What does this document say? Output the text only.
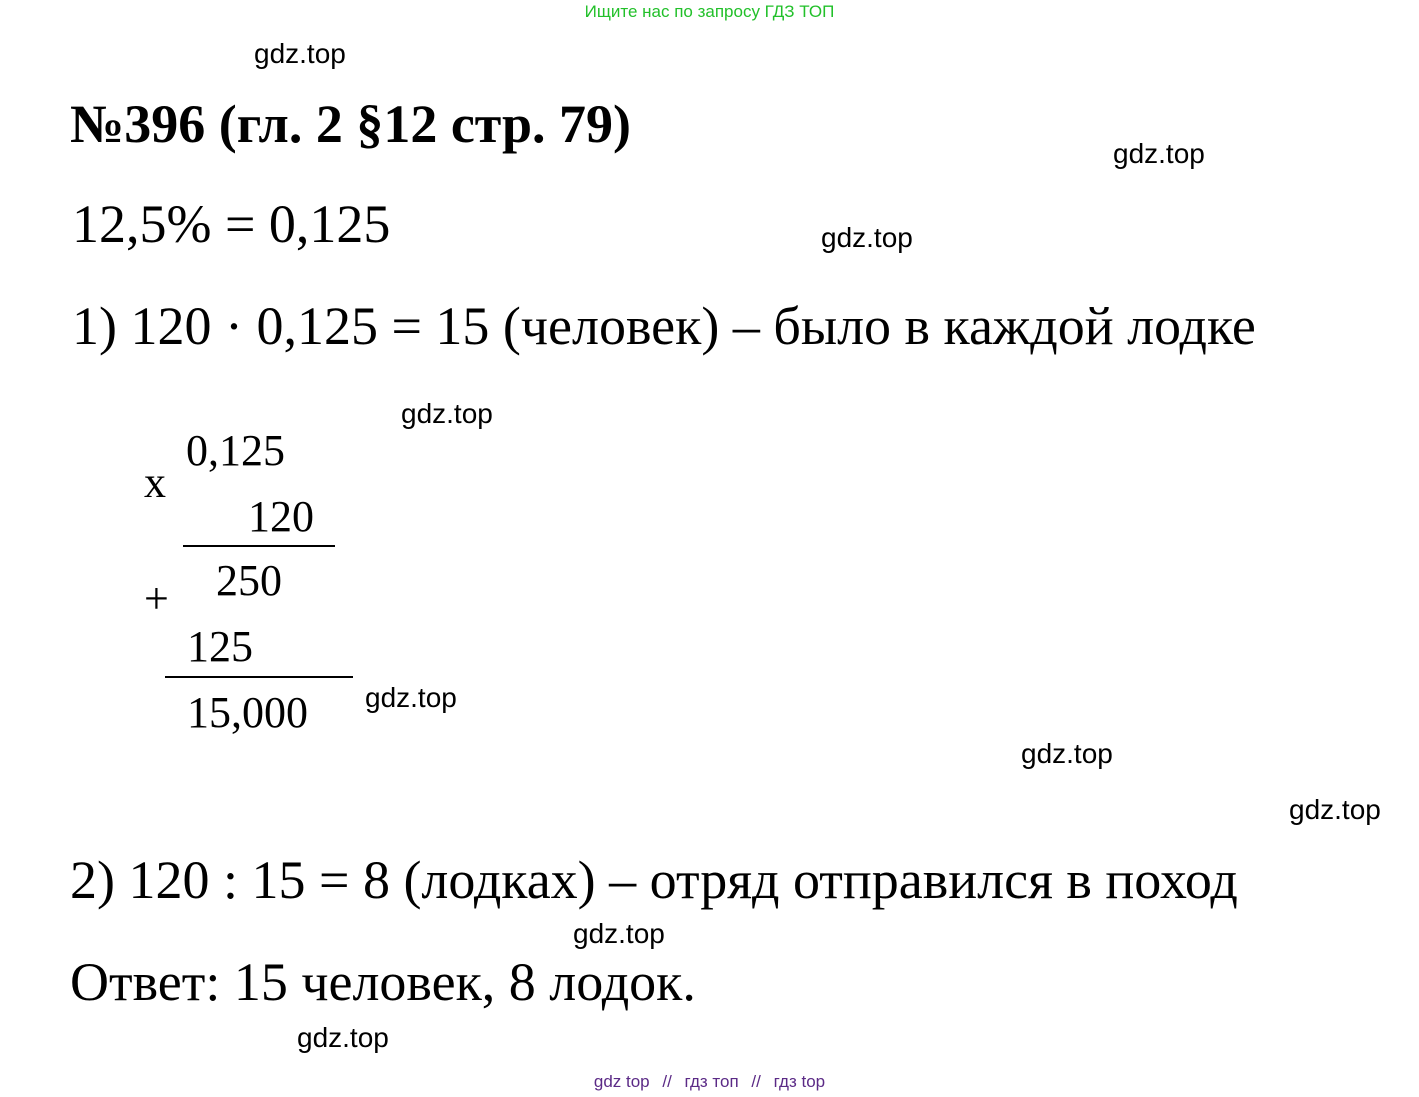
Ищите нас по запросу ГДЗ ТОП
gdz.top
gdz.top
gdz.top
gdz.top
gdz.top
gdz.top
gdz.top
gdz.top
gdz.top
№396 (гл. 2 §12 стр. 79)
12,5% = 0,125
1) 120 · 0,125 = 15 (человек) – было в каждой лодке
x
0,125
120
250
+
125
15,000
2) 120 : 15 = 8 (лодках) – отряд отправился в поход
Ответ: 15 человек, 8 лодок.
gdz top // гдз топ // гдз top
